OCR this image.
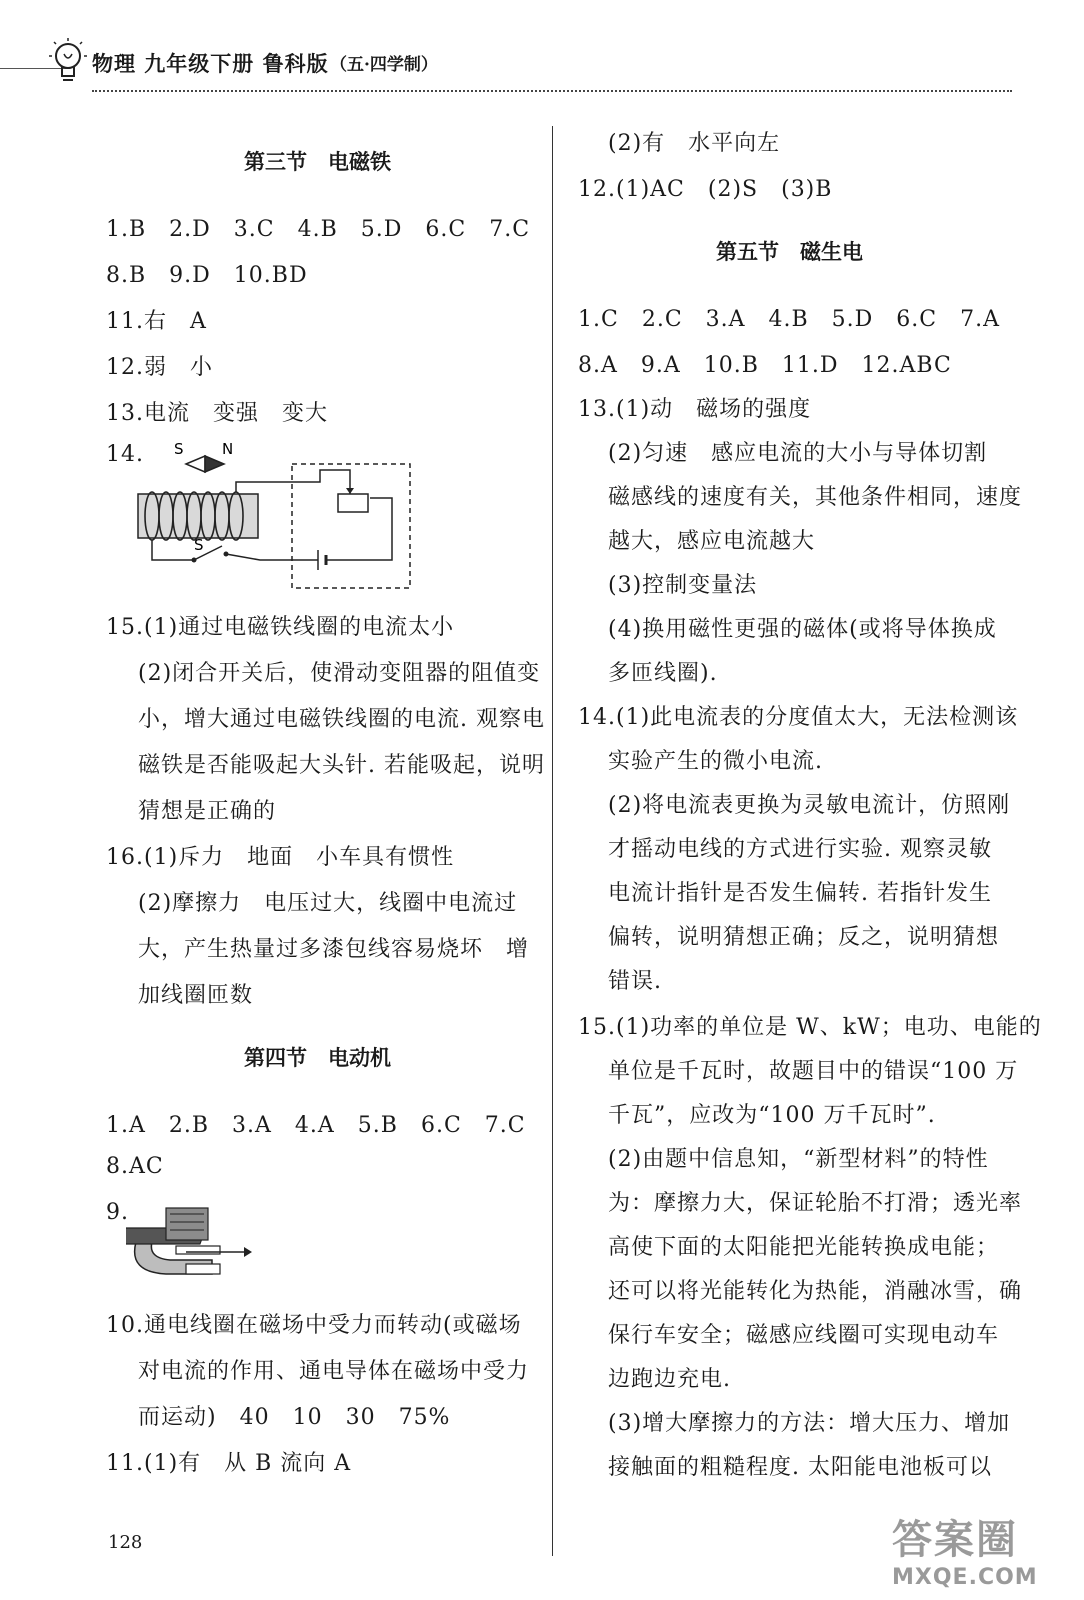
物理 九年级下册 鲁科版 （五·四学制）
第三节　电磁铁
1.B　2.D　3.C　4.B　5.D　6.C　7.C
8.B　9.D　10.BD
11.右　A
12.弱　小
13.电流　变强　变大
14. S	N
S
15.(1)通过电磁铁线圈的电流太小
(2)闭合开关后，使滑动变阻器的阻值变
小，增大通过电磁铁线圈的电流. 观察电
磁铁是否能吸起大头针. 若能吸起，说明
猜想是正确的
16.(1)斥力　地面　小车具有惯性
(2)摩擦力　电压过大，线圈中电流过
大，产生热量过多漆包线容易烧坏　增
加线圈匝数
第四节　电动机
1.A　2.B　3.A　4.A　5.B　6.C　7.C
8.AC
9.
10.通电线圈在磁场中受力而转动(或磁场
对电流的作用、通电导体在磁场中受力
而运动)　40　10　30　75%
11.(1)有　从 B 流向 A
(2)有　水平向左
12.(1)AC　(2)S　(3)B
第五节　磁生电
1.C　2.C　3.A　4.B　5.D　6.C　7.A
8.A　9.A　10.B　11.D　12.ABC
13.(1)动　磁场的强度
(2)匀速　感应电流的大小与导体切割
磁感线的速度有关，其他条件相同，速度
越大，感应电流越大
(3)控制变量法
(4)换用磁性更强的磁体(或将导体换成
多匝线圈).
14.(1)此电流表的分度值太大，无法检测该
实验产生的微小电流.
(2)将电流表更换为灵敏电流计，仿照刚
才摇动电线的方式进行实验. 观察灵敏
电流计指针是否发生偏转. 若指针发生
偏转，说明猜想正确；反之，说明猜想
错误.
15.(1)功率的单位是 W、kW；电功、电能的
单位是千瓦时，故题目中的错误“100 万
千瓦”，应改为“100 万千瓦时”.
(2)由题中信息知，“新型材料”的特性
为：摩擦力大，保证轮胎不打滑；透光率
高使下面的太阳能把光能转换成电能；
还可以将光能转化为热能，消融冰雪，确
保行车安全；磁感应线圈可实现电动车
边跑边充电.
(3)增大摩擦力的方法：增大压力、增加
接触面的粗糙程度. 太阳能电池板可以
128	答案圈
MXQE.COM
